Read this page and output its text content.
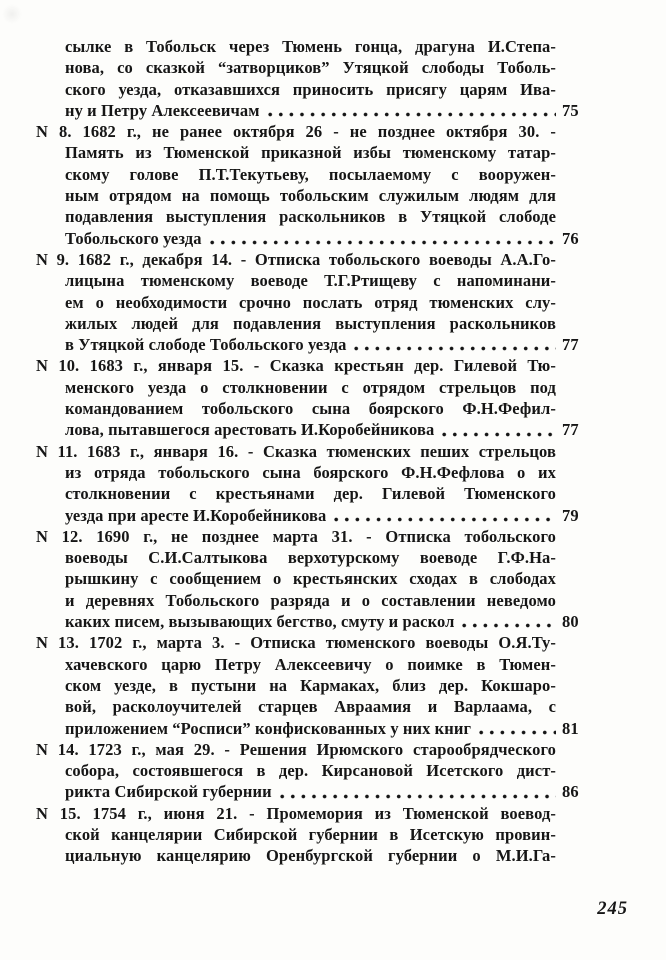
сылке в Тобольск через Тюмень гонца, драгуна И.Степа-
нова, со сказкой “затворциков” Утяцкой слободы Тоболь-
ского уезда, отказавшихся приносить присягу царям Ива-
ну и Петру Алексеевичам	75
N 8. 1682 г., не ранее октября 26 - не позднее октября 30. -
Память из Тюменской приказной избы тюменскому татар-
скому голове П.Т.Текутьеву, посылаемому с вооружен-
ным отрядом на помощь тобольским служилым людям для
подавления выступления раскольников в Утяцкой слободе
Тобольского уезда	76
N 9. 1682 г., декабря 14. - Отписка тобольского воеводы А.А.Го-
лицына тюменскому воеводе Т.Г.Ртищеву с напоминани-
ем о необходимости срочно послать отряд тюменских слу-
жилых людей для подавления выступления раскольников
в Утяцкой слободе Тобольского уезда	77
N 10. 1683 г., января 15. - Сказка крестьян дер. Гилевой Тю-
менского уезда о столкновении с отрядом стрельцов под
командованием тобольского сына боярского Ф.Н.Фефил-
лова, пытавшегося арестовать И.Коробейникова	77
N 11. 1683 г., января 16. - Сказка тюменских пеших стрельцов
из отряда тобольского сына боярского Ф.Н.Фефлова о их
столкновении с крестьянами дер. Гилевой Тюменского
уезда при аресте И.Коробейникова	79
N 12. 1690 г., не позднее марта 31. - Отписка тобольского
воеводы С.И.Салтыкова верхотурскому воеводе Г.Ф.На-
рышкину с сообщением о крестьянских сходах в слободах
и деревнях Тобольского разряда и о составлении неведомо
каких писем, вызывающих бегство, смуту и раскол	80
N 13. 1702 г., марта 3. - Отписка тюменского воеводы О.Я.Ту-
хачевского царю Петру Алексеевичу о поимке в Тюмен-
ском уезде, в пустыни на Кармаках, близ дер. Кокшаро-
вой, расколоучителей старцев Авраамия и Варлаама, с
приложением “Росписи” конфискованных у них книг	81
N 14. 1723 г., мая 29. - Решения Ирюмского старообрядческого
собора, состоявшегося в дер. Кирсановой Исетского дист-
рикта Сибирской губернии	86
N 15. 1754 г., июня 21. - Промемория из Тюменской воевод-
ской канцелярии Сибирской губернии в Исетскую провин-
циальную канцелярию Оренбургской губернии о М.И.Га-
245
